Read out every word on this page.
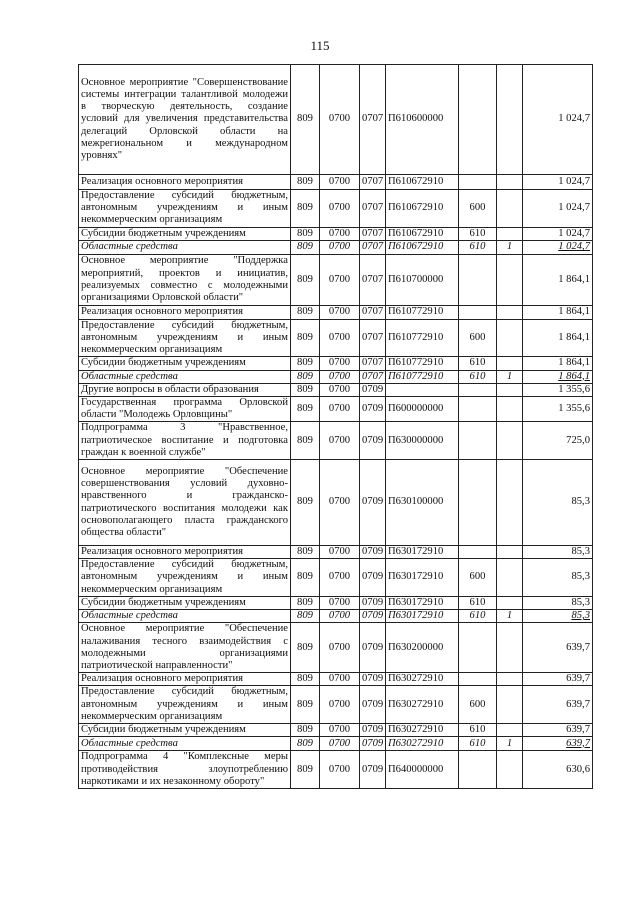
115
Основное мероприятие "Совершенствование системы интеграции талантливой молодежи в творческую деятельность, создание условий для увеличения представительства делегаций Орловской области на межрегиональном и международном уровнях"	809	0700	0707	П610600000			1 024,7
Реализация основного мероприятия	809	0700	0707	П610672910			1 024,7
Предоставление субсидий бюджетным, автономным учреждениям и иным некоммерческим организациям	809	0700	0707	П610672910	600		1 024,7
Субсидии бюджетным учреждениям	809	0700	0707	П610672910	610		1 024,7
Областные средства	809	0700	0707	П610672910	610	1	1 024,7
Основное мероприятие "Поддержка мероприятий, проектов и инициатив, реализуемых совместно с молодежными организациями Орловской области"	809	0700	0707	П610700000			1 864,1
Реализация основного мероприятия	809	0700	0707	П610772910			1 864,1
Предоставление субсидий бюджетным, автономным учреждениям и иным некоммерческим организациям	809	0700	0707	П610772910	600		1 864,1
Субсидии бюджетным учреждениям	809	0700	0707	П610772910	610		1 864,1
Областные средства	809	0700	0707	П610772910	610	1	1 864,1
Другие вопросы в области образования	809	0700	0709				1 355,6
Государственная программа Орловской области "Молодежь Орловщины"	809	0700	0709	П600000000			1 355,6
Подпрограмма 3 "Нравственное, патриотическое воспитание и подготовка граждан к военной службе"	809	0700	0709	П630000000			725,0
Основное мероприятие "Обеспечение совершенствования условий духовно-нравственного и гражданско-патриотического воспитания молодежи как основополагающего пласта гражданского общества области"	809	0700	0709	П630100000			85,3
Реализация основного мероприятия	809	0700	0709	П630172910			85,3
Предоставление субсидий бюджетным, автономным учреждениям и иным некоммерческим организациям	809	0700	0709	П630172910	600		85,3
Субсидии бюджетным учреждениям	809	0700	0709	П630172910	610		85,3
Областные средства	809	0700	0709	П630172910	610	1	85,3
Основное мероприятие "Обеспечение налаживания тесного взаимодействия с молодежными организациями патриотической направленности"	809	0700	0709	П630200000			639,7
Реализация основного мероприятия	809	0700	0709	П630272910			639,7
Предоставление субсидий бюджетным, автономным учреждениям и иным некоммерческим организациям	809	0700	0709	П630272910	600		639,7
Субсидии бюджетным учреждениям	809	0700	0709	П630272910	610		639,7
Областные средства	809	0700	0709	П630272910	610	1	639,7
Подпрограмма 4 "Комплексные меры противодействия злоупотреблению наркотиками и их незаконному обороту"	809	0700	0709	П640000000			630,6
